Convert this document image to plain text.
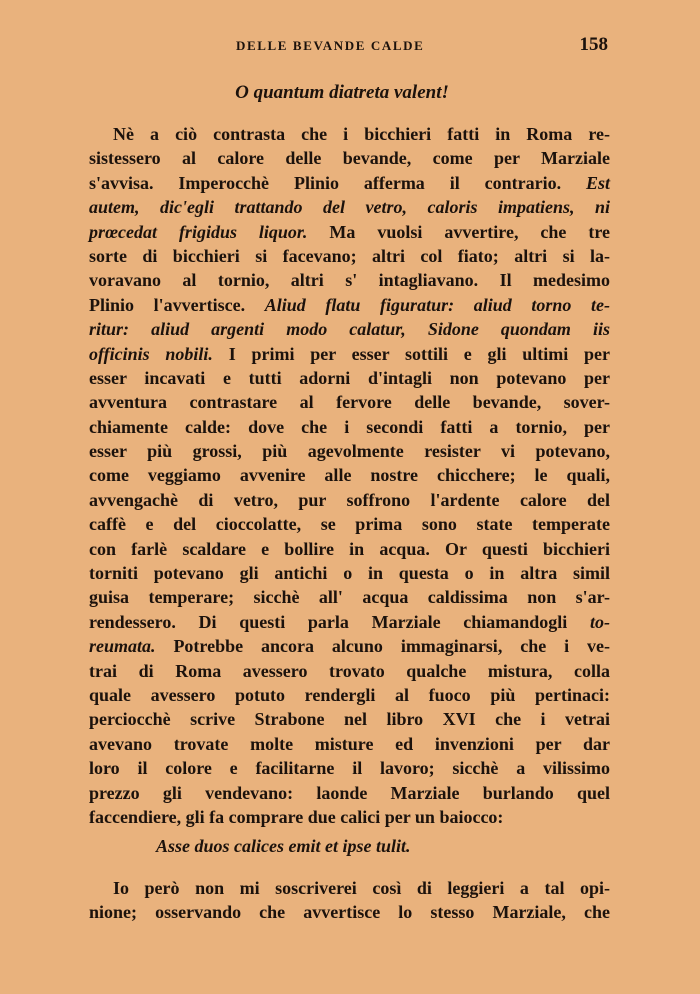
DELLE BEVANDE CALDE	158
O quantum diatreta valent!
Nè a ciò contrasta che i bicchieri fatti in Roma re-
sistessero al calore delle bevande, come per Marziale
s'avvisa. Imperocchè Plinio afferma il contrario. Est
autem, dic'egli trattando del vetro, caloris impatiens, ni
prœcedat frigidus liquor. Ma vuolsi avvertire, che tre
sorte di bicchieri si facevano; altri col fiato; altri si la-
voravano al tornio, altri s' intagliavano. Il medesimo
Plinio l'avvertisce. Aliud flatu figuratur: aliud torno te-
ritur: aliud argenti modo calatur, Sidone quondam iis
officinis nobili. I primi per esser sottili e gli ultimi per
esser incavati e tutti adorni d'intagli non potevano per
avventura contrastare al fervore delle bevande, sover-
chiamente calde: dove che i secondi fatti a tornio, per
esser più grossi, più agevolmente resister vi potevano,
come veggiamo avvenire alle nostre chicchere; le quali,
avvengachè di vetro, pur soffrono l'ardente calore del
caffè e del cioccolatte, se prima sono state temperate
con farlè scaldare e bollire in acqua. Or questi bicchieri
torniti potevano gli antichi o in questa o in altra simil
guisa temperare; sicchè all' acqua caldissima non s'ar-
rendessero. Di questi parla Marziale chiamandogli to-
reumata. Potrebbe ancora alcuno immaginarsi, che i ve-
trai di Roma avessero trovato qualche mistura, colla
quale avessero potuto rendergli al fuoco più pertinaci:
perciocchè scrive Strabone nel libro XVI che i vetrai
avevano trovate molte misture ed invenzioni per dar
loro il colore e facilitarne il lavoro; sicchè a vilissimo
prezzo gli vendevano: laonde Marziale burlando quel
faccendiere, gli fa comprare due calici per un baiocco:
Asse duos calices emit et ipse tulit.
Io però non mi soscriverei così di leggieri a tal opi-
nione; osservando che avvertisce lo stesso Marziale, che
